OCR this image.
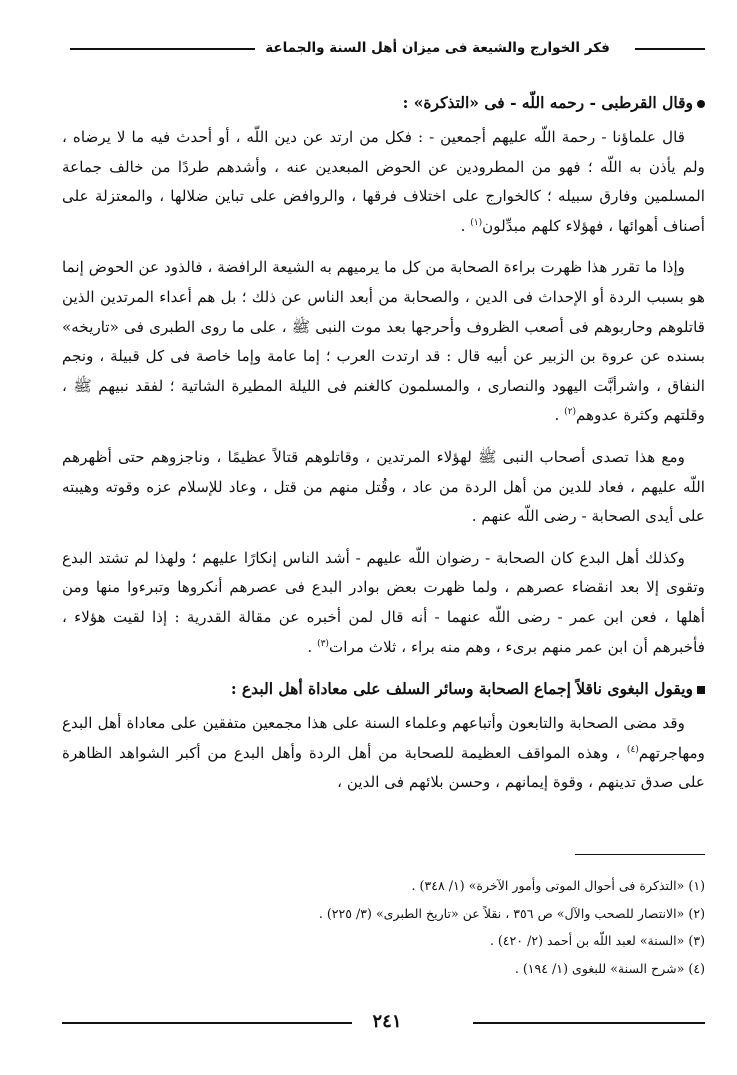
فكر الخوارج والشيعة فى ميزان أهل السنة والجماعة

وقال القرطبى - رحمه اللّه - فى «التذكرة» :

قال علماؤنا - رحمة اللّه عليهم أجمعين - : فكل من ارتد عن دين اللّه ، أو أحدث فيه ما لا يرضاه ، ولم يأذن به اللّه ؛ فهو من المطرودين عن الحوض المبعدين عنه ، وأشدهم طردًا من خالف جماعة المسلمين وفارق سبيله ؛ كالخوارج على اختلاف فرقها ، والروافض على تباين ضلالها ، والمعتزلة على أصناف أهوائها ، فهؤلاء كلهم مبدِّلون$^{(١)}$ .

وإذا ما تقرر هذا ظهرت براءة الصحابة من كل ما يرميهم به الشيعة الرافضة ، فالذود عن الحوض إنما هو بسبب الردة أو الإحداث فى الدين ، والصحابة من أبعد الناس عن ذلك ؛ بل هم أعداء المرتدين الذين قاتلوهم وحاربوهم فى أصعب الظروف وأحرجها بعد موت النبى ﷺ ، على ما روى الطبرى فى «تاريخه» بسنده عن عروة بن الزبير عن أبيه قال : قد ارتدت العرب ؛ إما عامة وإما خاصة فى كل قبيلة ، ونجم النفاق ، واشرأبَّت اليهود والنصارى ، والمسلمون كالغنم فى الليلة المطيرة الشاتية ؛ لفقد نبيهم ﷺ ، وقلتهم وكثرة عدوهم$^{(٢)}$ .

ومع هذا تصدى أصحاب النبى ﷺ لهؤلاء المرتدين ، وقاتلوهم قتالاً عظيمًا ، وناجزوهم حتى أظهرهم اللّه عليهم ، فعاد للدين من أهل الردة من عاد ، وقُتل منهم من قتل ، وعاد للإسلام عزه وقوته وهيبته على أيدى الصحابة - رضى اللّه عنهم .

وكذلك أهل البدع كان الصحابة - رضوان اللّه عليهم - أشد الناس إنكارًا عليهم ؛ ولهذا لم تشتد البدع وتقوى إلا بعد انقضاء عصرهم ، ولما ظهرت بعض بوادر البدع فى عصرهم أنكروها وتبرءوا منها ومن أهلها ، فعن ابن عمر - رضى اللّه عنهما - أنه قال لمن أخبره عن مقالة القدرية : إذا لقيت هؤلاء ، فأخبرهم أن ابن عمر منهم برىء ، وهم منه براء ، ثلاث مرات$^{(٣)}$ .

ويقول البغوى ناقلاً إجماع الصحابة وسائر السلف على معاداة أهل البدع :

وقد مضى الصحابة والتابعون وأتباعهم وعلماء السنة على هذا مجمعين متفقين على معاداة أهل البدع ومهاجرتهم$^{(٤)}$ ، وهذه المواقف العظيمة للصحابة من أهل الردة وأهل البدع من أكبر الشواهد الظاهرة على صدق تدينهم ، وقوة إيمانهم ، وحسن بلائهم فى الدين ،

(١) «التذكرة فى أحوال الموتى وأمور الآخرة» (١/ ٣٤٨) .

(٢) «الانتصار للصحب والآل» ص ٣٥٦ ، نقلاً عن «تاريخ الطبرى» (٣/ ٢٢٥) .

(٣) «السنة» لعبد اللّه بن أحمد (٢/ ٤٢٠) .

(٤) «شرح السنة» للبغوى (١/ ١٩٤) .

٢٤١
